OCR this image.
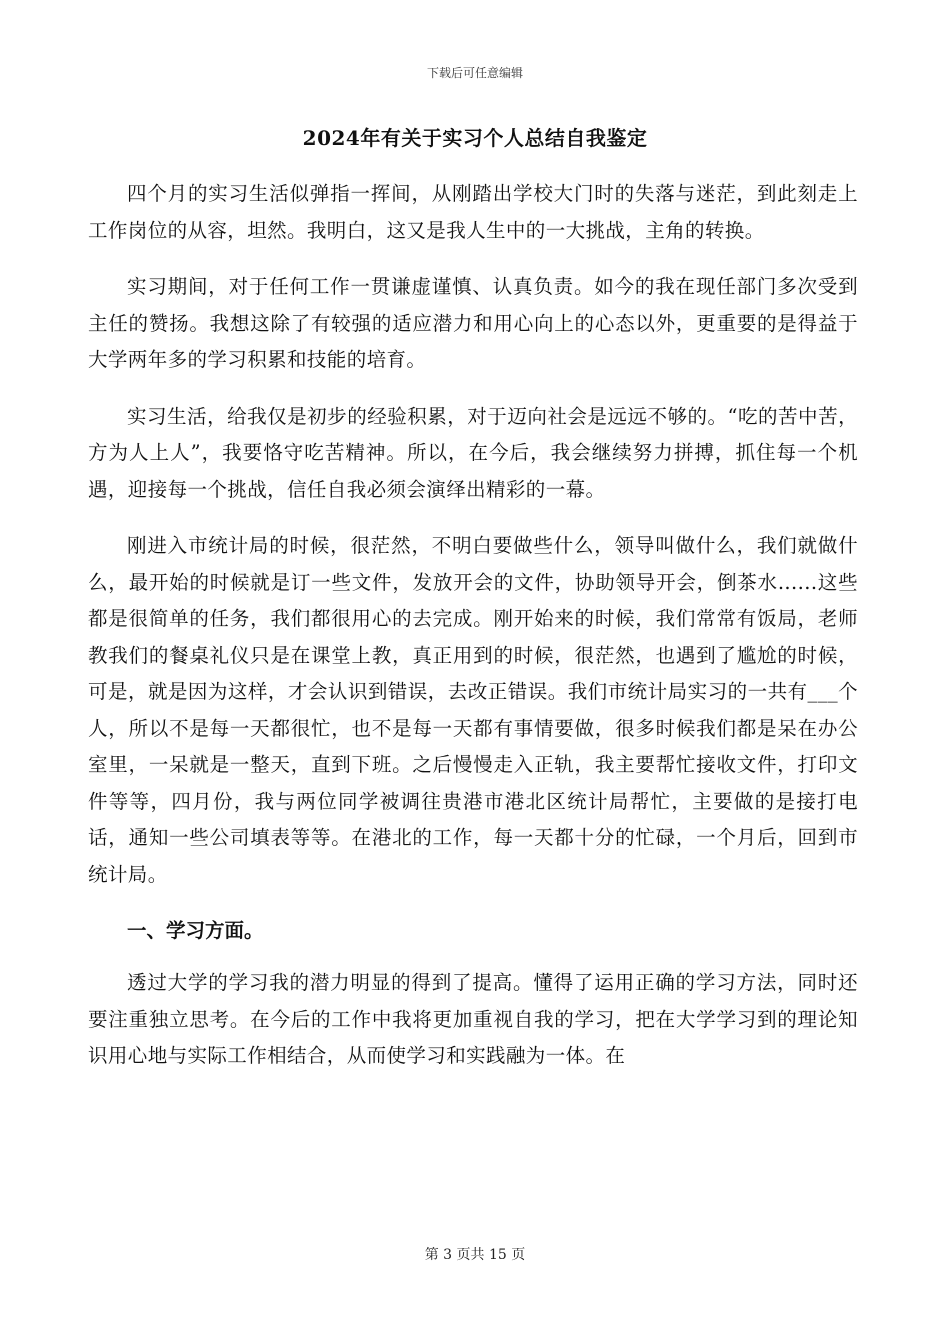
下载后可任意编辑
2024年有关于实习个人总结自我鉴定

四个月的实习生活似弹指一挥间，从刚踏出学校大门时的失落与迷茫，到此刻走上工作岗位的从容，坦然。我明白，这又是我人生中的一大挑战，主角的转换。

实习期间，对于任何工作一贯谦虚谨慎、认真负责。如今的我在现任部门多次受到主任的赞扬。我想这除了有较强的适应潜力和用心向上的心态以外，更重要的是得益于大学两年多的学习积累和技能的培育。

实习生活，给我仅是初步的经验积累，对于迈向社会是远远不够的。“吃的苦中苦，方为人上人”，我要恪守吃苦精神。所以，在今后，我会继续努力拼搏，抓住每一个机遇，迎接每一个挑战，信任自我必须会演绎出精彩的一幕。

刚进入市统计局的时候，很茫然，不明白要做些什么，领导叫做什么，我们就做什么，最开始的时候就是订一些文件，发放开会的文件，协助领导开会，倒茶水......这些都是很简单的任务，我们都很用心的去完成。刚开始来的时候，我们常常有饭局，老师教我们的餐桌礼仪只是在课堂上教，真正用到的时候，很茫然，也遇到了尴尬的时候，可是，就是因为这样，才会认识到错误，去改正错误。我们市统计局实习的一共有___个人，所以不是每一天都很忙，也不是每一天都有事情要做，很多时候我们都是呆在办公室里，一呆就是一整天，直到下班。之后慢慢走入正轨，我主要帮忙接收文件，打印文件等等，四月份，我与两位同学被调往贵港市港北区统计局帮忙，主要做的是接打电话，通知一些公司填表等等。在港北的工作，每一天都十分的忙碌，一个月后，回到市统计局。

一、学习方面。

透过大学的学习我的潜力明显的得到了提高。懂得了运用正确的学习方法，同时还要注重独立思考。在今后的工作中我将更加重视自我的学习，把在大学学习到的理论知识用心地与实际工作相结合，从而使学习和实践融为一体。在

第 3 页共 15 页
